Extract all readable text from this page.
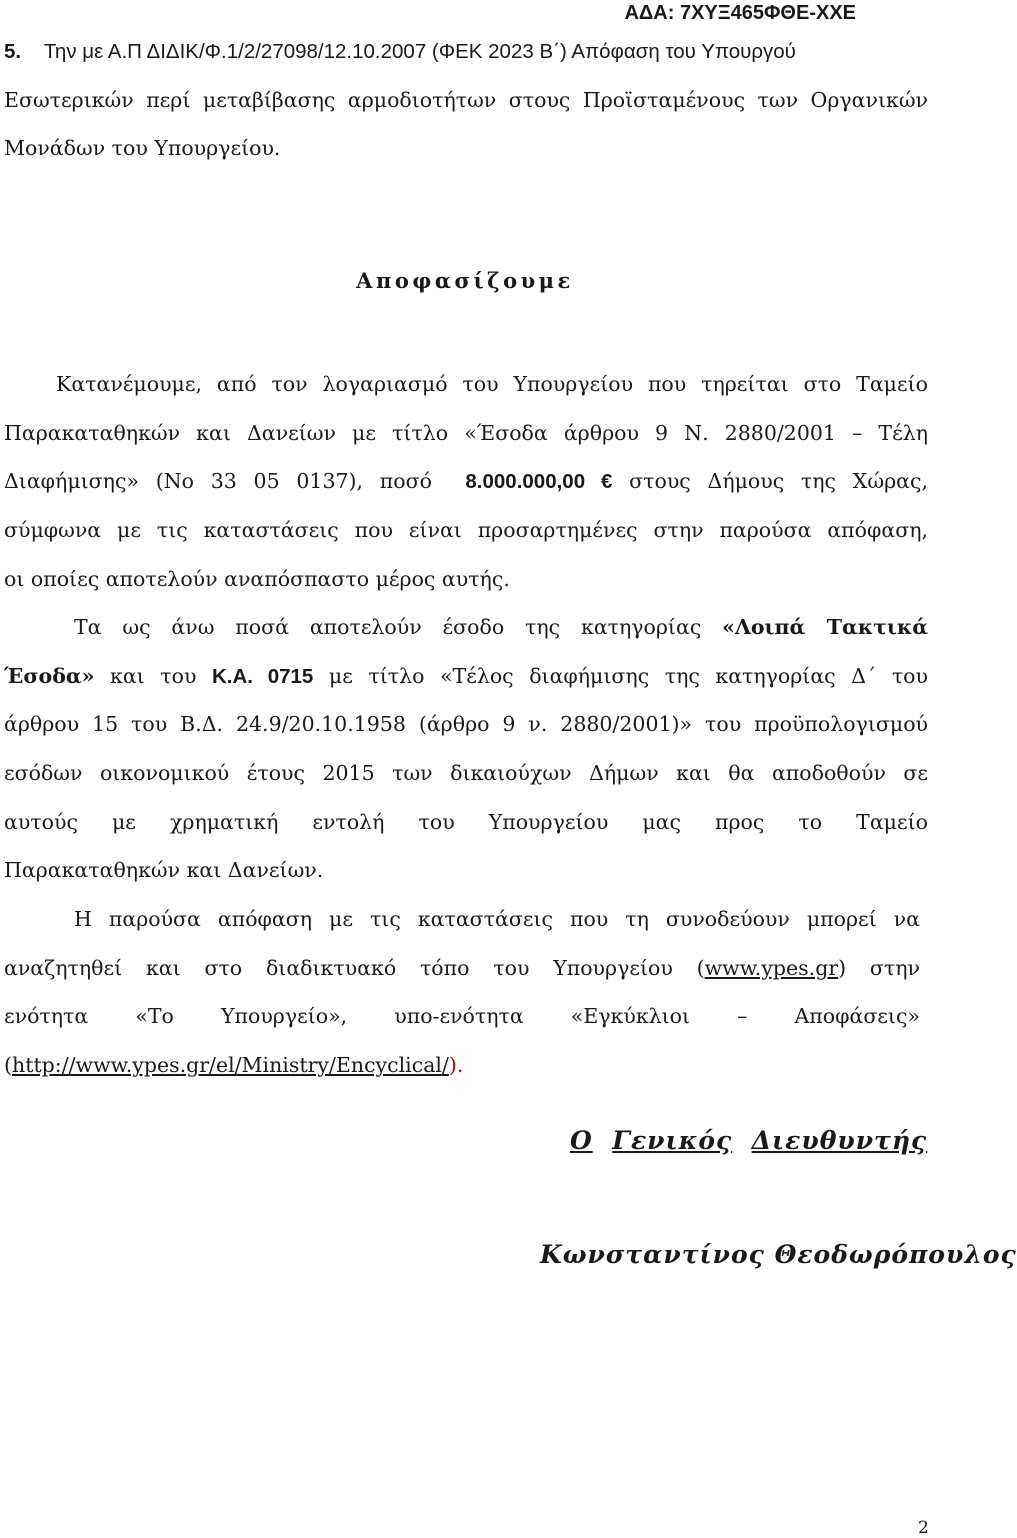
ΑΔΑ: 7ΧΥΞ465ΦΘΕ-ΧΧΕ
5. Την με Α.Π ΔΙΔΙΚ/Φ.1/2/27098/12.10.2007 (ΦΕΚ 2023 Β΄) Απόφαση του Υπουργού
Εσωτερικών περί μεταβίβασης αρμοδιοτήτων στους Προϊσταμένους των Οργανικών
Μονάδων του Υπουργείου.
Αποφασίζουμε
Κατανέμουμε, από τον λογαριασμό του Υπουργείου που τηρείται στο Ταμείο
Παρακαταθηκών και Δανείων με τίτλο «Έσοδα άρθρου 9 Ν. 2880/2001 – Τέλη
Διαφήμισης» (Νο 33 05 0137), ποσό 8.000.000,00 € στους Δήμους της Χώρας,
σύμφωνα με τις καταστάσεις που είναι προσαρτημένες στην παρούσα απόφαση,
οι οποίες αποτελούν αναπόσπαστο μέρος αυτής.
Τα ως άνω ποσά αποτελούν έσοδο της κατηγορίας «Λοιπά Τακτικά
Έσοδα» και του Κ.Α. 0715 με τίτλο «Τέλος διαφήμισης της κατηγορίας Δ΄ του
άρθρου 15 του Β.Δ. 24.9/20.10.1958 (άρθρο 9 ν. 2880/2001)» του προϋπολογισμού
εσόδων οικονομικού έτους 2015 των δικαιούχων Δήμων και θα αποδοθούν σε
αυτούς με χρηματική εντολή του Υπουργείου μας προς το Ταμείο
Παρακαταθηκών και Δανείων.
Η παρούσα απόφαση με τις καταστάσεις που τη συνοδεύουν μπορεί να
αναζητηθεί και στο διαδικτυακό τόπο του Υπουργείου (www.ypes.gr) στην
ενότητα «Το Υπουργείο», υπο-ενότητα «Εγκύκλιοι – Αποφάσεις»
(http://www.ypes.gr/el/Ministry/Encyclical/).
Ο Γενικός Διευθυντής
Κωνσταντίνος Θεοδωρόπουλος
2
